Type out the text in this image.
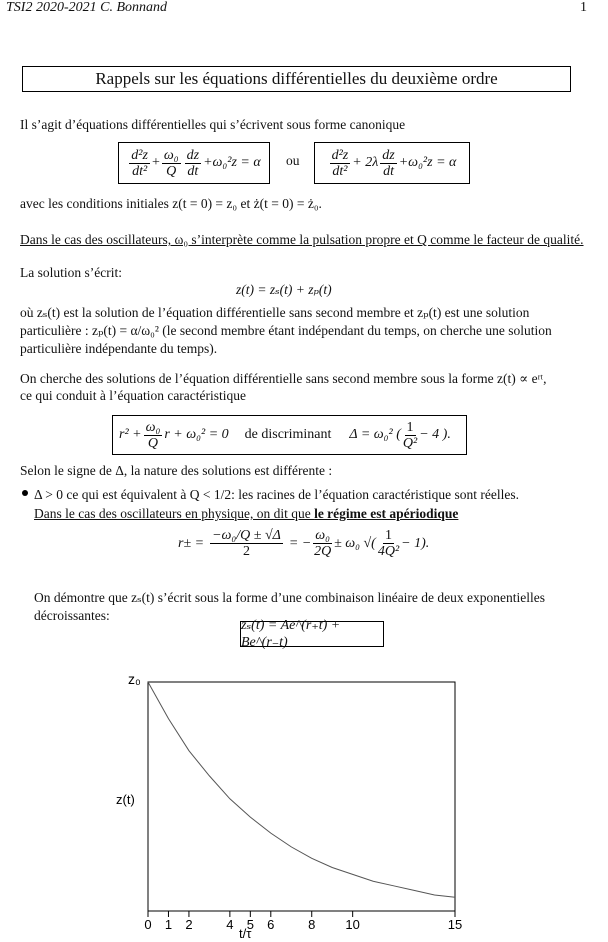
TSI2 2020-2021 C. Bonnand	1
Rappels sur les équations différentielles du deuxième ordre
Il s’agit d’équations différentielles qui s’écrivent sous forme canonique
$\frac{\text{d²z}}{\text{dt²}} + \frac{\text{ω₀}}{Q} \frac{dz}{dt} +\omega_0^2z = \alpha$ ou $\frac{\text{d²z}}{\text{dt²}} + 2\lambda \frac{dz}{dt} +\omega_0^2z = \alpha$
avec les conditions initiales z(t = 0) = z₀ et ż(t = 0) = ż₀.
Dans le cas des oscillateurs, ω₀ s’interprète comme la pulsation propre et Q comme le facteur de qualité.
La solution s’écrit:
z(t) = zₛ(t) + zₚ(t)
où zₛ(t) est la solution de l’équation différentielle sans second membre et zₚ(t) est une solution particulière : zₚ(t) = α/ω₀² (le second membre étant indépendant du temps, on cherche une solution particulière indépendante du temps).
On cherche des solutions de l’équation différentielle sans second membre sous la forme z(t) ∝ eʳᵗ,
ce qui conduit à l’équation caractéristique
$r^2 + \frac{\text{ω₀}}{Q}$ r + ω₀² = 0 de discriminant Δ = ω₀² ( $\frac{1}{\text{Q²}} - 4$ ).
Selon le signe de Δ, la nature des solutions est différente :
Δ > 0 ce qui est équivalent à Q < 1/2: les racines de l’équation caractéristique sont réelles.
Dans le cas des oscillateurs en physique, on dit que le régime est apériodique
$r\pm = \frac{\text{−ω₀/Q ± √Δ}}{2}$ = − $\frac{\text{ω₀}}{2Q} \pm \omega_0$ √( $\frac{1}{\text{4Q²}} - 1$).
On démontre que zₛ(t) s’écrit sous la forme d’une combinaison linéaire de deux exponentielles
décroissantes:
zₛ(t) = Ae^(r₊t) + Be^(r₋t)
z₀
z(t)
0 1 2	4 5 6	8 10	15
t/τ
